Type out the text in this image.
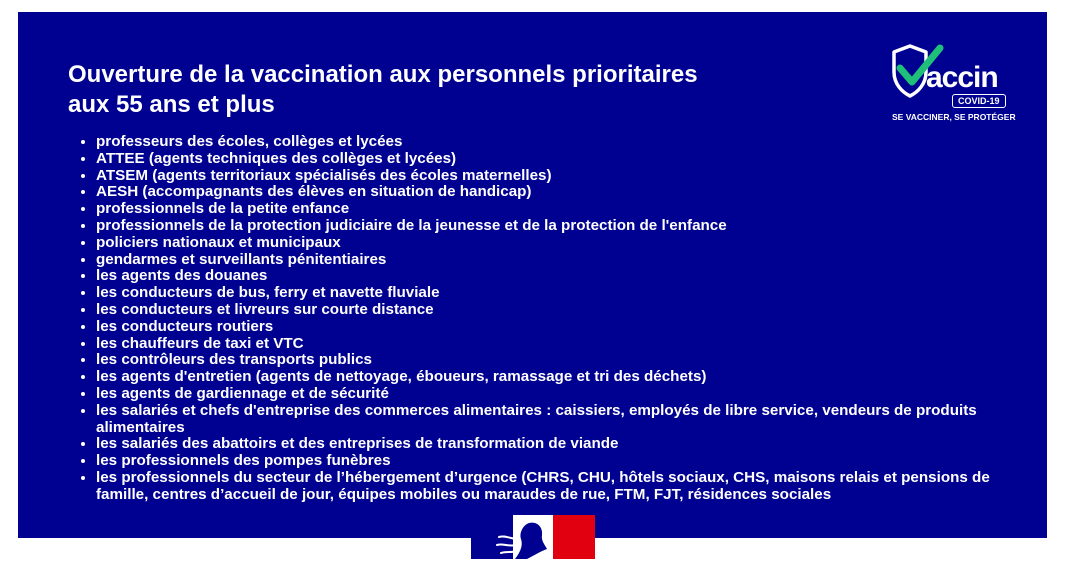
Ouverture de la vaccination aux personnels prioritaires
aux 55 ans et plus
accin
COVID-19
SE VACCINER, SE PROTÉGER
• professeurs des écoles, collèges et lycées
• ATTEE (agents techniques des collèges et lycées)
• ATSEM (agents territoriaux spécialisés des écoles maternelles)
• AESH (accompagnants des élèves en situation de handicap)
• professionnels de la petite enfance
• professionnels de la protection judiciaire de la jeunesse et de la protection de l'enfance
• policiers nationaux et municipaux
• gendarmes et surveillants pénitentiaires
• les agents des douanes
• les conducteurs de bus, ferry et navette fluviale
• les conducteurs et livreurs sur courte distance
• les conducteurs routiers
• les chauffeurs de taxi et VTC
• les contrôleurs des transports publics
• les agents d'entretien (agents de nettoyage, éboueurs, ramassage et tri des déchets)
• les agents de gardiennage et de sécurité
• les salariés et chefs d'entreprise des commerces alimentaires : caissiers, employés de libre service, vendeurs de produits alimentaires
• les salariés des abattoirs et des entreprises de transformation de viande
• les professionnels des pompes funèbres
• les professionnels du secteur de l’hébergement d’urgence (CHRS, CHU, hôtels sociaux, CHS, maisons relais et pensions de famille, centres d’accueil de jour, équipes mobiles ou maraudes de rue, FTM, FJT, résidences sociales
